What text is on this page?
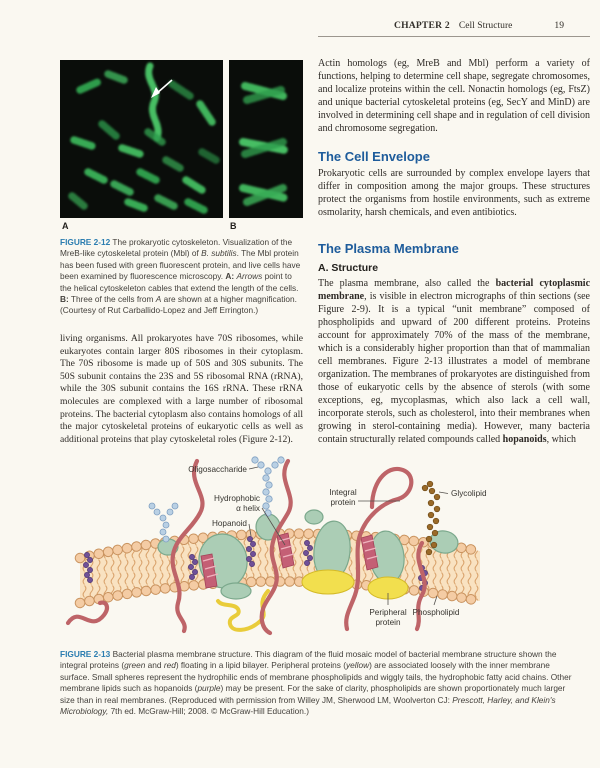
CHAPTER 2 Cell Structure	19
A	B
FIGURE 2-12 The prokaryotic cytoskeleton. Visualization of the MreB-like cytoskeletal protein (Mbl) of B. subtilis. The Mbl protein has been fused with green fluorescent protein, and live cells have been examined by fluorescence microscopy. A: Arrows point to the helical cytoskeleton cables that extend the length of the cells. B: Three of the cells from A are shown at a higher magnification. (Courtesy of Rut Carballido-Lopez and Jeff Errington.)
living organisms. All prokaryotes have 70S ribosomes, while eukaryotes contain larger 80S ribosomes in their cytoplasm. The 70S ribosome is made up of 50S and 30S subunits. The 50S subunit contains the 23S and 5S ribosomal RNA (rRNA), while the 30S subunit contains the 16S rRNA. These rRNA molecules are complexed with a large number of ribosomal proteins. The bacterial cytoplasm also contains homologs of all the major cytoskeletal proteins of eukaryotic cells as well as additional proteins that play cytoskeletal roles (Figure 2-12).
Actin homologs (eg, MreB and Mbl) perform a variety of functions, helping to determine cell shape, segregate chromosomes, and localize proteins within the cell. Nonactin homologs (eg, FtsZ) and unique bacterial cytoskeletal proteins (eg, SecY and MinD) are involved in determining cell shape and in regulation of cell division and chromosome segregation.
The Cell Envelope
Prokaryotic cells are surrounded by complex envelope layers that differ in composition among the major groups. These structures protect the organisms from hostile environments, such as extreme osmolarity, harsh chemicals, and even antibiotics.
The Plasma Membrane
A. Structure
The plasma membrane, also called the bacterial cytoplasmic membrane, is visible in electron micrographs of thin sections (see Figure 2-9). It is a typical “unit membrane” composed of phospholipids and upward of 200 different proteins. Proteins account for approximately 70% of the mass of the membrane, which is a considerably higher proportion than that of mammalian cell membranes. Figure 2-13 illustrates a model of membrane organization. The membranes of prokaryotes are distinguished from those of eukaryotic cells by the absence of sterols (with some exceptions, eg, mycoplasmas, which also lack a cell wall, incorporate sterols, such as cholesterol, into their membranes when growing in sterol-containing media). However, many bacteria contain structurally related compounds called hopanoids, which
Oligosaccharide
Hydrophobic
α helix
Hopanoid
Integral
protein
Glycolipid
Peripheral
protein
Phospholipid
FIGURE 2-13 Bacterial plasma membrane structure. This diagram of the fluid mosaic model of bacterial membrane structure shown the integral proteins (green and red) floating in a lipid bilayer. Peripheral proteins (yellow) are associated loosely with the inner membrane surface. Small spheres represent the hydrophilic ends of membrane phospholipids and wiggly tails, the hydrophobic fatty acid chains. Other membrane lipids such as hopanoids (purple) may be present. For the sake of clarity, phospholipids are shown proportionately much larger size than in real membranes. (Reproduced with permission from Willey JM, Sherwood LM, Woolverton CJ: Prescott, Harley, and Klein's Microbiology, 7th ed. McGraw-Hill; 2008. © McGraw-Hill Education.)
